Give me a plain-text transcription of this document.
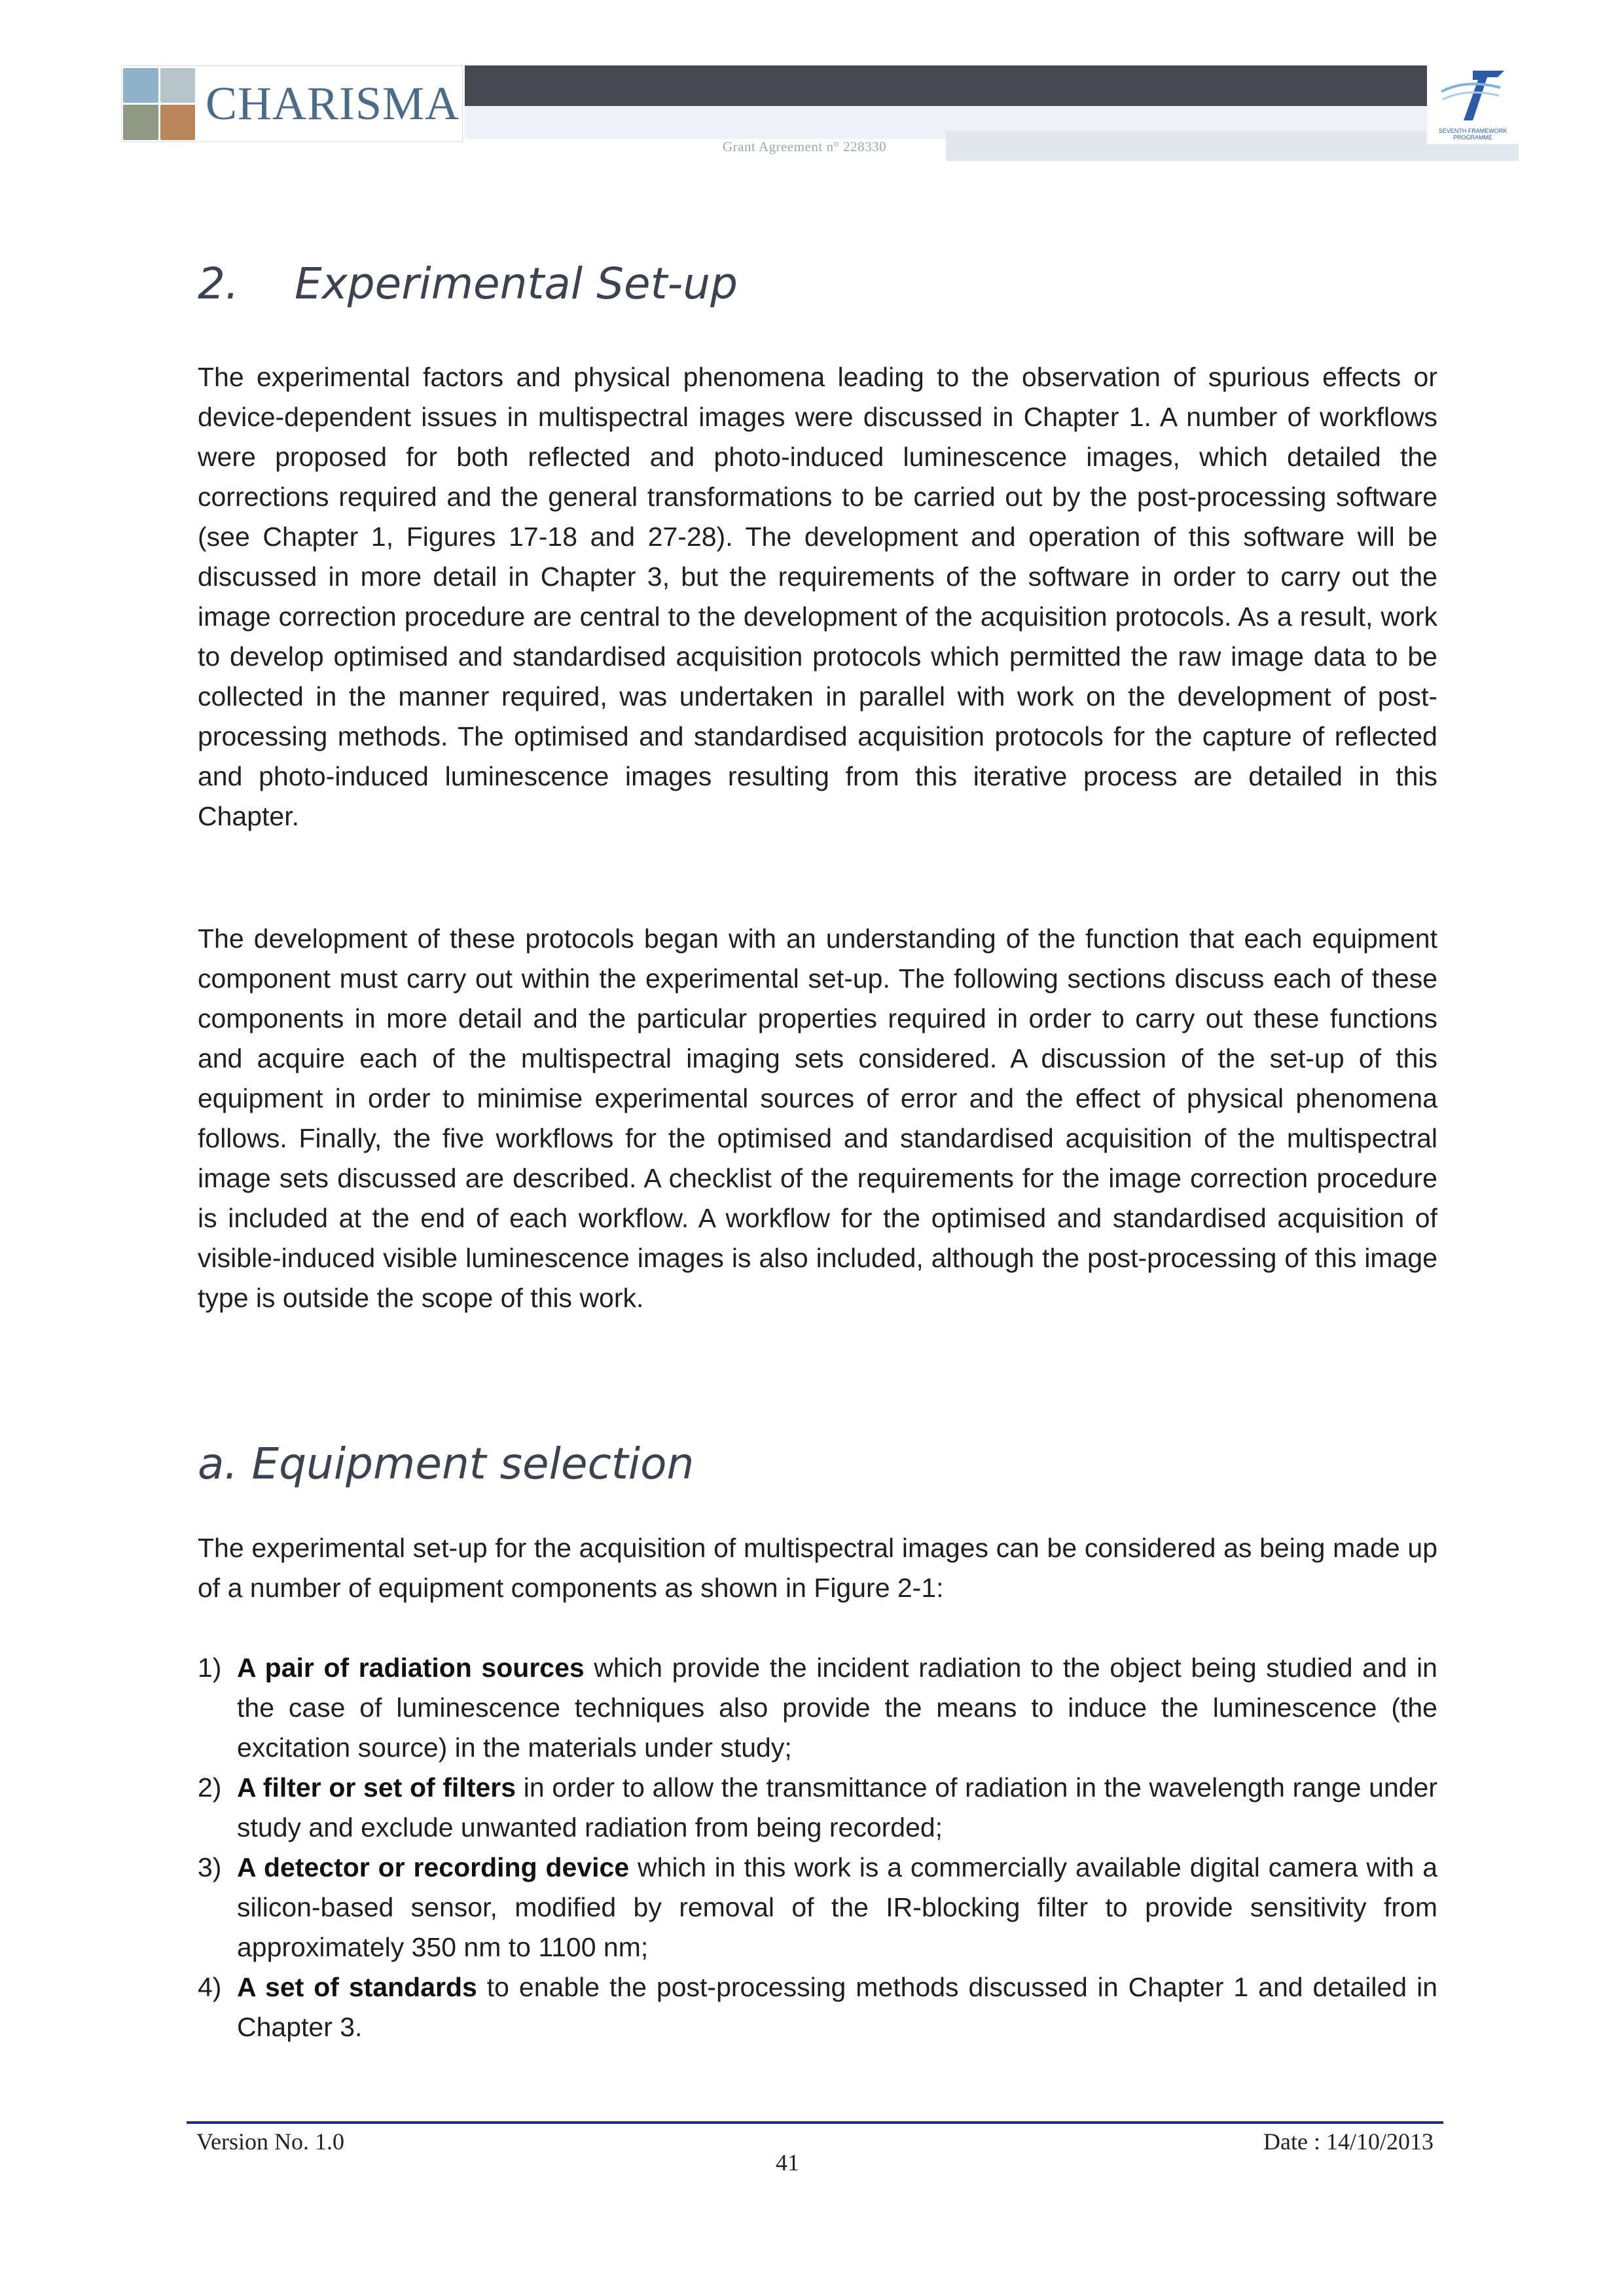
CHARISMA
Grant Agreement n° 228330
SEVENTH FRAMEWORK PROGRAMME
2.	Experimental Set-up

The experimental factors and physical phenomena leading to the observation of spurious effects or device-dependent issues in multispectral images were discussed in Chapter 1. A number of workflows were proposed for both reflected and photo-induced luminescence images, which detailed the corrections required and the general transformations to be carried out by the post-processing software (see Chapter 1, Figures 17-18 and 27-28). The development and operation of this software will be discussed in more detail in Chapter 3, but the requirements of the software in order to carry out the image correction procedure are central to the development of the acquisition protocols. As a result, work to develop optimised and standardised acquisition protocols which permitted the raw image data to be collected in the manner required, was undertaken in parallel with work on the development of post-processing methods. The optimised and standardised acquisition protocols for the capture of reflected and photo-induced luminescence images resulting from this iterative process are detailed in this Chapter.

The development of these protocols began with an understanding of the function that each equipment component must carry out within the experimental set-up. The following sections discuss each of these components in more detail and the particular properties required in order to carry out these functions and acquire each of the multispectral imaging sets considered. A discussion of the set-up of this equipment in order to minimise experimental sources of error and the effect of physical phenomena follows. Finally, the five workflows for the optimised and standardised acquisition of the multispectral image sets discussed are described. A checklist of the requirements for the image correction procedure is included at the end of each workflow. A workflow for the optimised and standardised acquisition of visible-induced visible luminescence images is also included, although the post-processing of this image type is outside the scope of this work.

a. Equipment selection

The experimental set-up for the acquisition of multispectral images can be considered as being made up of a number of equipment components as shown in Figure 2-1:

1) A pair of radiation sources which provide the incident radiation to the object being studied and in the case of luminescence techniques also provide the means to induce the luminescence (the excitation source) in the materials under study;
2) A filter or set of filters in order to allow the transmittance of radiation in the wavelength range under study and exclude unwanted radiation from being recorded;
3) A detector or recording device which in this work is a commercially available digital camera with a silicon-based sensor, modified by removal of the IR-blocking filter to provide sensitivity from approximately 350 nm to 1100 nm;
4) A set of standards to enable the post-processing methods discussed in Chapter 1 and detailed in Chapter 3.
Version No. 1.0
41
Date : 14/10/2013
